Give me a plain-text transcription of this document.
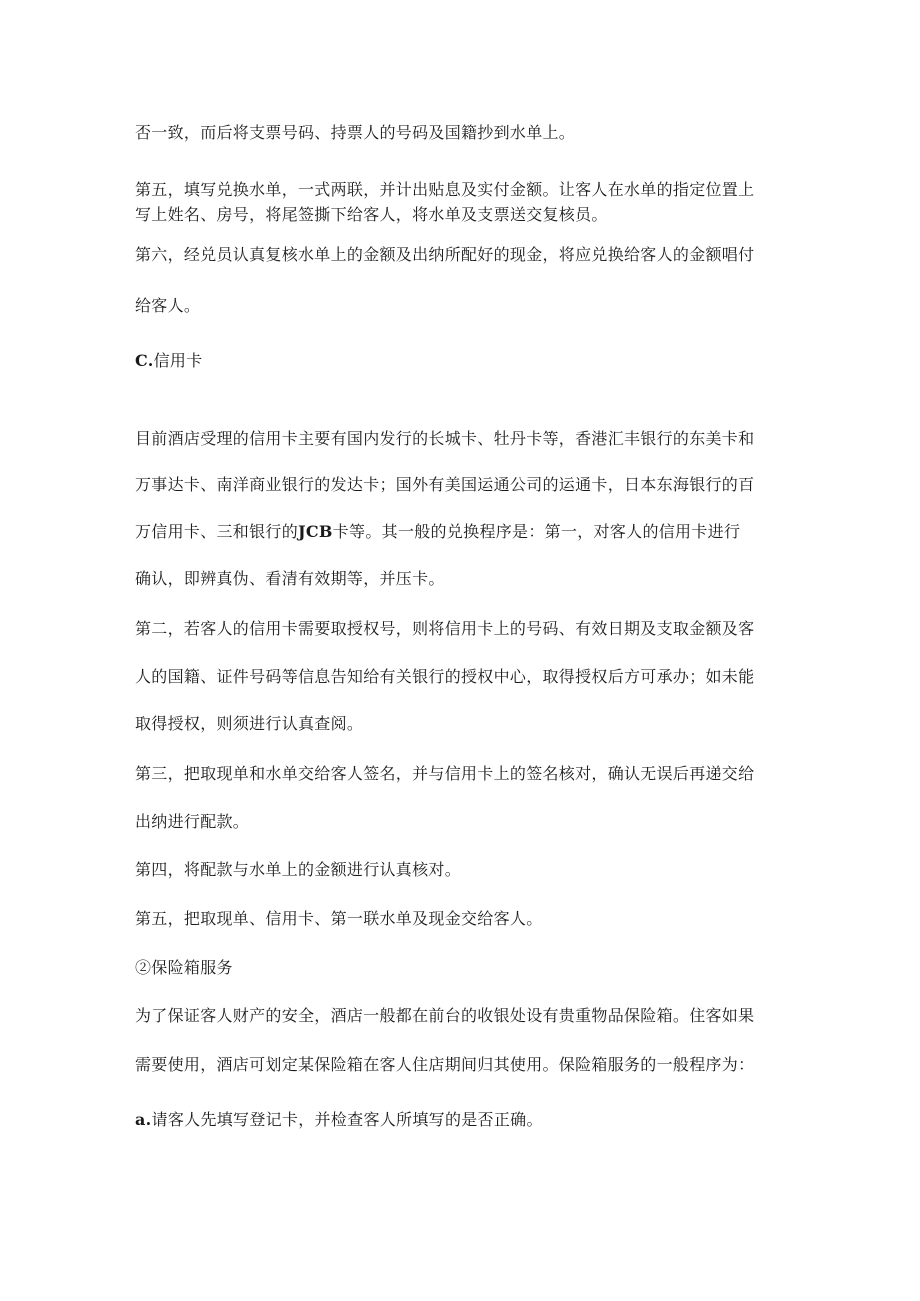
否一致，而后将支票号码、持票人的号码及国籍抄到水单上。
第五，填写兑换水单，一式两联，并计出贴息及实付金额。让客人在水单的指定位置上
写上姓名、房号，将尾签撕下给客人，将水单及支票送交复核员。
第六，经兑员认真复核水单上的金额及出纳所配好的现金，将应兑换给客人的金额唱付
给客人。
C.信用卡
目前酒店受理的信用卡主要有国内发行的长城卡、牡丹卡等，香港汇丰银行的东美卡和
万事达卡、南洋商业银行的发达卡；国外有美国运通公司的运通卡，日本东海银行的百
万信用卡、三和银行的JCB卡等。其一般的兑换程序是：第一，对客人的信用卡进行
确认，即辨真伪、看清有效期等，并压卡。
第二，若客人的信用卡需要取授权号，则将信用卡上的号码、有效日期及支取金额及客
人的国籍、证件号码等信息告知给有关银行的授权中心，取得授权后方可承办；如未能
取得授权，则须进行认真查阅。
第三，把取现单和水单交给客人签名，并与信用卡上的签名核对，确认无误后再递交给
出纳进行配款。
第四，将配款与水单上的金额进行认真核对。
第五，把取现单、信用卡、第一联水单及现金交给客人。
②保险箱服务
为了保证客人财产的安全，酒店一般都在前台的收银处设有贵重物品保险箱。住客如果
需要使用，酒店可划定某保险箱在客人住店期间归其使用。保险箱服务的一般程序为：
a.请客人先填写登记卡，并检查客人所填写的是否正确。
